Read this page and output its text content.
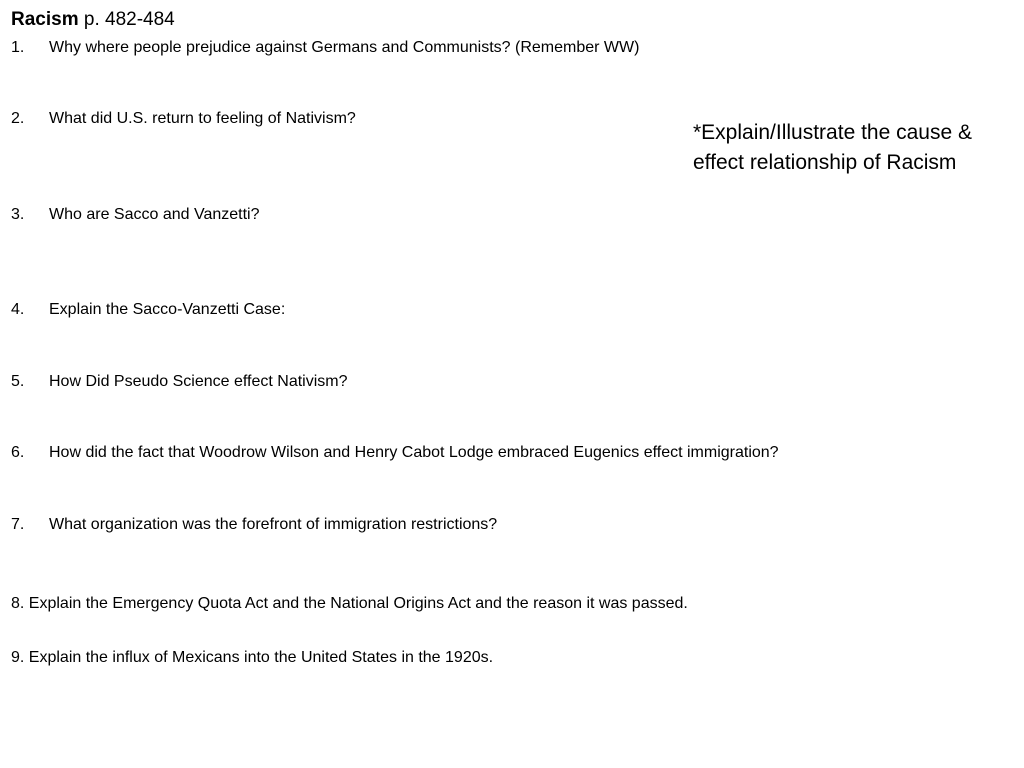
Racism p. 482-484
1. Why where people prejudice against Germans and Communists? (Remember WW)
2. What did U.S. return to feeling of Nativism?
3. Who are Sacco and Vanzetti?
4. Explain the Sacco-Vanzetti Case:
5. How Did Pseudo Science effect Nativism?
6. How did the fact that Woodrow Wilson and Henry Cabot Lodge embraced Eugenics effect immigration?
7. What organization was the forefront of immigration restrictions?
8. Explain the Emergency Quota Act and the National Origins Act and the reason it was passed.
9. Explain the influx of Mexicans into the United States in the 1920s.
*Explain/Illustrate the cause & effect relationship of Racism
